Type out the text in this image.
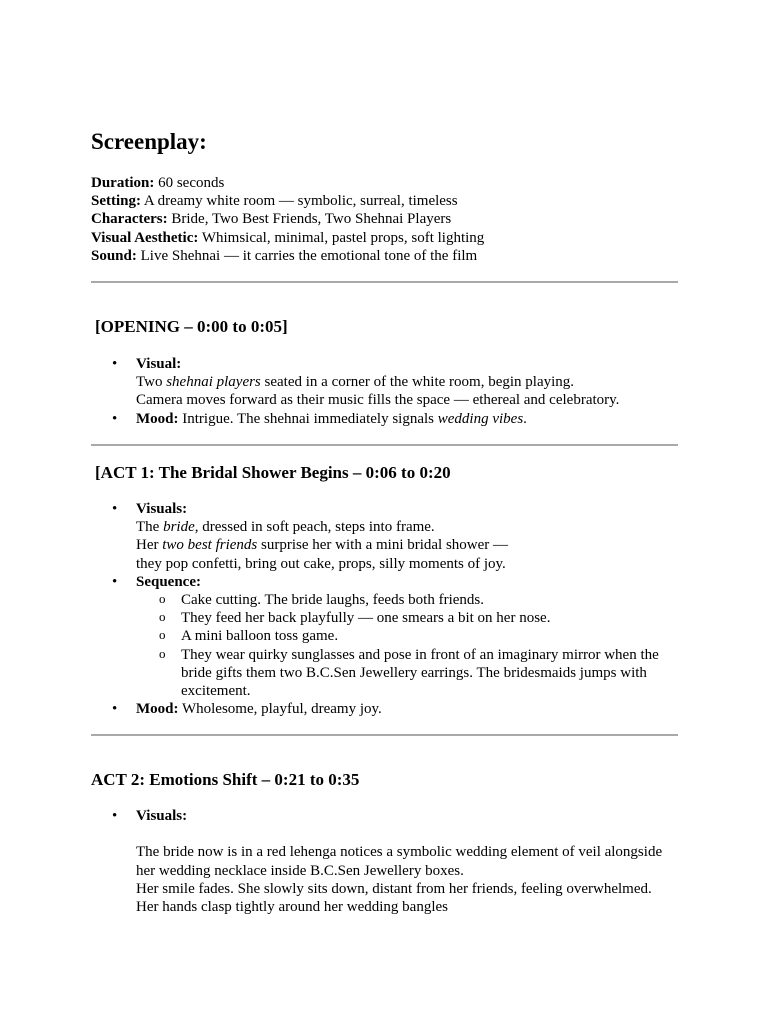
Screenplay:
Duration: 60 seconds
Setting: A dreamy white room — symbolic, surreal, timeless
Characters: Bride, Two Best Friends, Two Shehnai Players
Visual Aesthetic: Whimsical, minimal, pastel props, soft lighting
Sound: Live Shehnai — it carries the emotional tone of the film
[OPENING – 0:00 to 0:05]
• Visual:
Two shehnai players seated in a corner of the white room, begin playing.
Camera moves forward as their music fills the space — ethereal and celebratory.
• Mood: Intrigue. The shehnai immediately signals wedding vibes.
[ACT 1: The Bridal Shower Begins – 0:06 to 0:20
• Visuals:
The bride, dressed in soft peach, steps into frame.
Her two best friends surprise her with a mini bridal shower —
they pop confetti, bring out cake, props, silly moments of joy.
• Sequence:
o Cake cutting. The bride laughs, feeds both friends.
o They feed her back playfully — one smears a bit on her nose.
o A mini balloon toss game.
o They wear quirky sunglasses and pose in front of an imaginary mirror when the
bride gifts them two B.C.Sen Jewellery earrings. The bridesmaids jumps with
excitement.
• Mood: Wholesome, playful, dreamy joy.
ACT 2: Emotions Shift – 0:21 to 0:35
• Visuals:
The bride now is in a red lehenga notices a symbolic wedding element of veil alongside
her wedding necklace inside B.C.Sen Jewellery boxes.
Her smile fades. She slowly sits down, distant from her friends, feeling overwhelmed.
Her hands clasp tightly around her wedding bangles
